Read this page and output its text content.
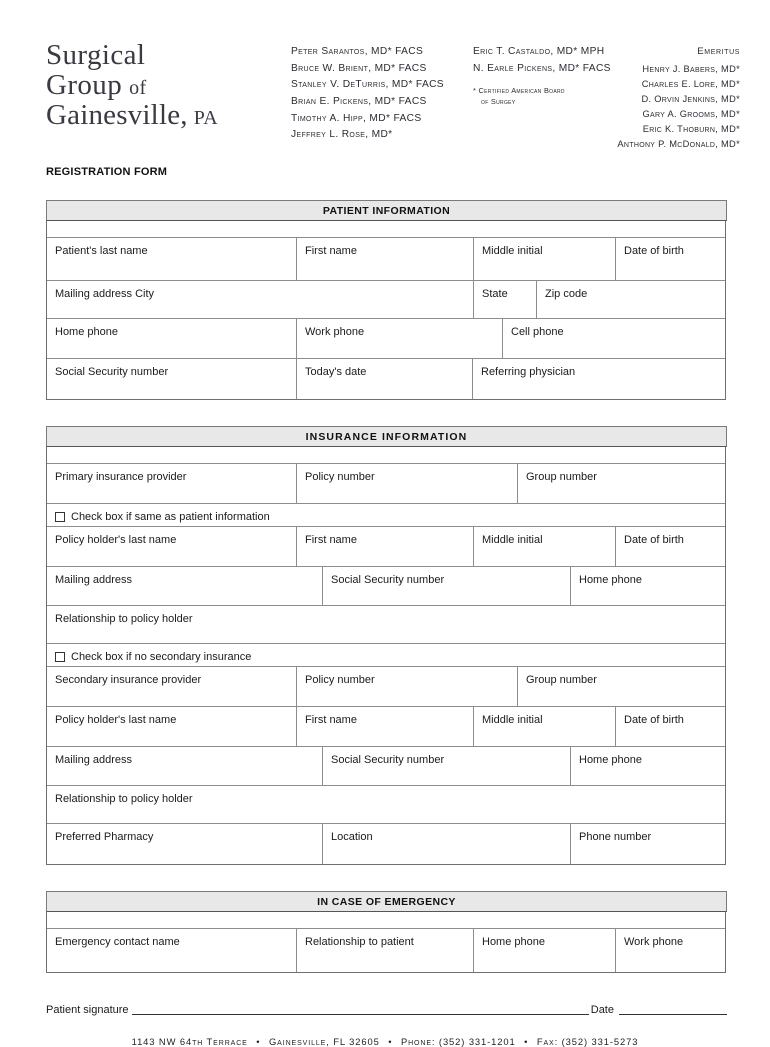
Surgical
Group of
Gainesville, PA
Peter Sarantos, MD* FACS
Bruce W. Brient, MD* FACS
Stanley V. DeTurris, MD* FACS
Brian E. Pickens, MD* FACS
Timothy A. Hipp, MD* FACS
Jeffrey L. Rose, MD*
Eric T. Castaldo, MD* MPH
N. Earle Pickens, MD* FACS
* Certified American Board
of Surgey
Emeritus
Henry J. Babers, MD*
Charles E. Lore, MD*
D. Orvin Jenkins, MD*
Gary A. Grooms, MD*
Eric K. Thoburn, MD*
Anthony P. McDonald, MD*
REGISTRATION FORM
PATIENT INFORMATION
Patient's last name	First name	Middle initial	Date of birth
Mailing address City	State	Zip code
Home phone	Work phone	Cell phone
Social Security number	Today's date	Referring physician
INSURANCE INFORMATION
Primary insurance provider	Policy number	Group number
Check box if same as patient information
Policy holder's last name	First name	Middle initial	Date of birth
Mailing address	Social Security number	Home phone
Relationship to policy holder
Check box if no secondary insurance
Secondary insurance provider	Policy number	Group number
Policy holder's last name	First name	Middle initial	Date of birth
Mailing address	Social Security number	Home phone
Relationship to policy holder
Preferred Pharmacy	Location	Phone number
IN CASE OF EMERGENCY
Emergency contact name	Relationship to patient	Home phone	Work phone
Patient signature	Date
1143 NW 64th Terrace • Gainesville, FL 32605 • Phone: (352) 331-1201 • Fax: (352) 331-5273
